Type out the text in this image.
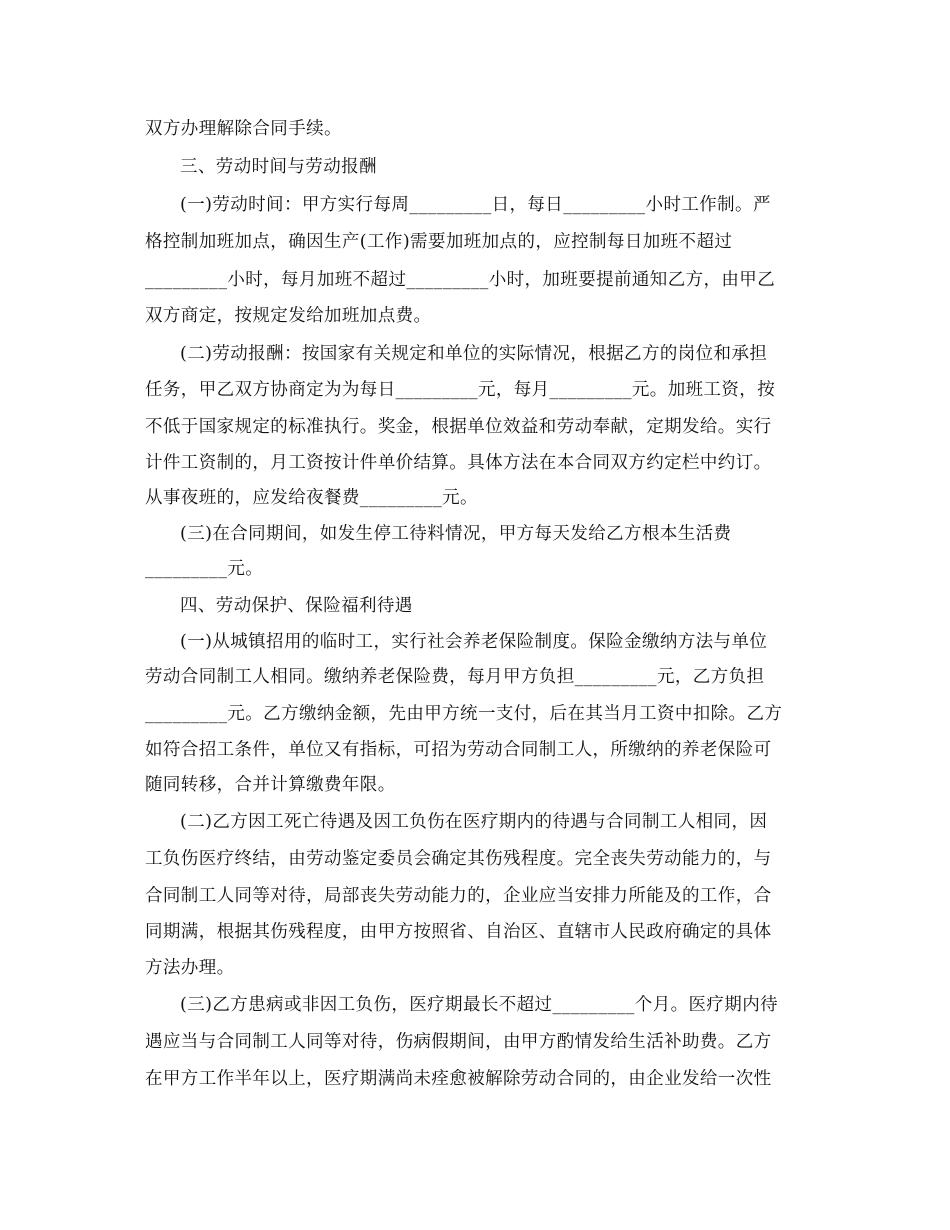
双方办理解除合同手续。
三、劳动时间与劳动报酬
(一)劳动时间：甲方实行每周_________日，每日_________小时工作制。严
格控制加班加点，确因生产(工作)需要加班加点的，应控制每日加班不超过
_________小时，每月加班不超过_________小时，加班要提前通知乙方，由甲乙
双方商定，按规定发给加班加点费。
(二)劳动报酬：按国家有关规定和单位的实际情况，根据乙方的岗位和承担
任务，甲乙双方协商定为为每日_________元，每月_________元。加班工资，按
不低于国家规定的标准执行。奖金，根据单位效益和劳动奉献，定期发给。实行
计件工资制的，月工资按计件单价结算。具体方法在本合同双方约定栏中约订。
从事夜班的，应发给夜餐费_________元。
(三)在合同期间，如发生停工待料情况，甲方每天发给乙方根本生活费
_________元。
四、劳动保护、保险福利待遇
(一)从城镇招用的临时工，实行社会养老保险制度。保险金缴纳方法与单位
劳动合同制工人相同。缴纳养老保险费，每月甲方负担_________元，乙方负担
_________元。乙方缴纳金额，先由甲方统一支付，后在其当月工资中扣除。乙方
如符合招工条件，单位又有指标，可招为劳动合同制工人，所缴纳的养老保险可
随同转移，合并计算缴费年限。
(二)乙方因工死亡待遇及因工负伤在医疗期内的待遇与合同制工人相同，因
工负伤医疗终结，由劳动鉴定委员会确定其伤残程度。完全丧失劳动能力的，与
合同制工人同等对待，局部丧失劳动能力的，企业应当安排力所能及的工作，合
同期满，根据其伤残程度，由甲方按照省、自治区、直辖市人民政府确定的具体
方法办理。
(三)乙方患病或非因工负伤，医疗期最长不超过_________个月。医疗期内待
遇应当与合同制工人同等对待，伤病假期间，由甲方酌情发给生活补助费。乙方
在甲方工作半年以上，医疗期满尚未痊愈被解除劳动合同的，由企业发给一次性
